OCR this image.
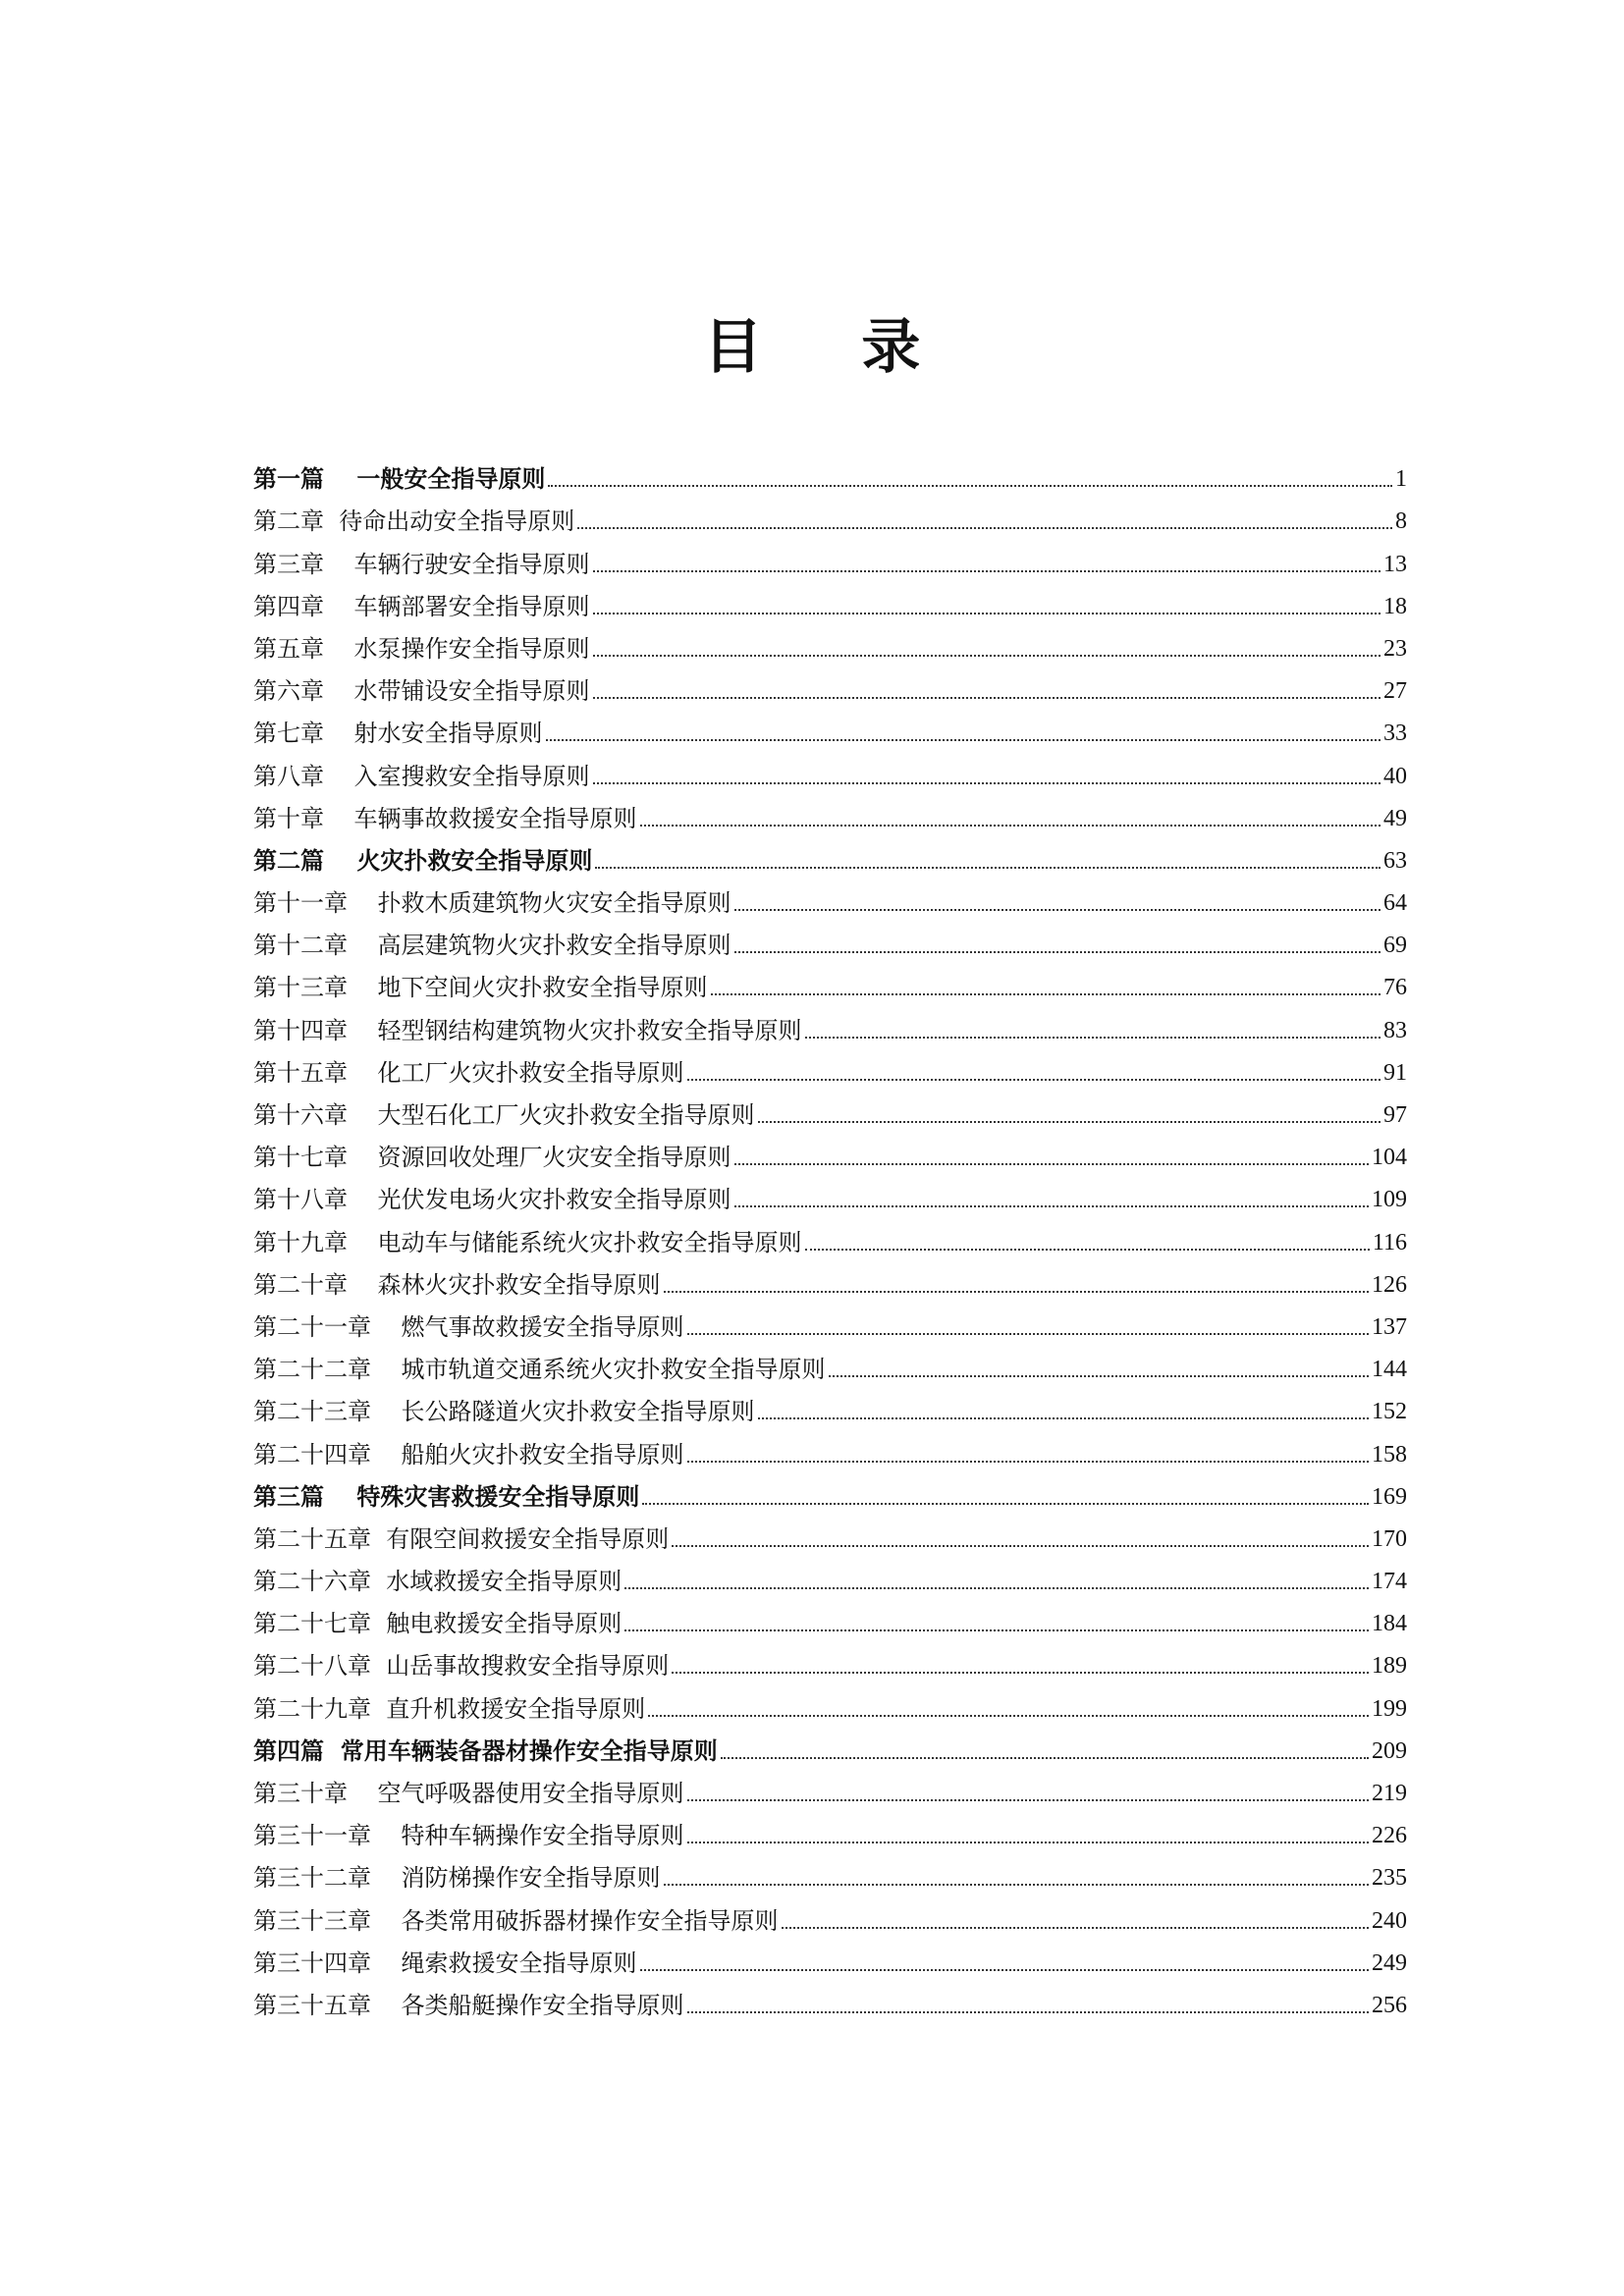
目 录
第一篇    一般安全指导原则	1
第二章  待命出动安全指导原则	8
第三章    车辆行驶安全指导原则	13
第四章    车辆部署安全指导原则	18
第五章    水泵操作安全指导原则	23
第六章    水带铺设安全指导原则	27
第七章    射水安全指导原则	33
第八章    入室搜救安全指导原则	40
第十章    车辆事故救援安全指导原则	49
第二篇    火灾扑救安全指导原则	63
第十一章    扑救木质建筑物火灾安全指导原则	64
第十二章    高层建筑物火灾扑救安全指导原则	69
第十三章    地下空间火灾扑救安全指导原则	76
第十四章    轻型钢结构建筑物火灾扑救安全指导原则	83
第十五章    化工厂火灾扑救安全指导原则	91
第十六章    大型石化工厂火灾扑救安全指导原则	97
第十七章    资源回收处理厂火灾安全指导原则	104
第十八章    光伏发电场火灾扑救安全指导原则	109
第十九章    电动车与储能系统火灾扑救安全指导原则	116
第二十章    森林火灾扑救安全指导原则	126
第二十一章    燃气事故救援安全指导原则	137
第二十二章    城市轨道交通系统火灾扑救安全指导原则	144
第二十三章    长公路隧道火灾扑救安全指导原则	152
第二十四章    船舶火灾扑救安全指导原则	158
第三篇    特殊灾害救援安全指导原则	169
第二十五章  有限空间救援安全指导原则	170
第二十六章  水域救援安全指导原则	174
第二十七章  触电救援安全指导原则	184
第二十八章  山岳事故搜救安全指导原则	189
第二十九章  直升机救援安全指导原则	199
第四篇  常用车辆装备器材操作安全指导原则	209
第三十章    空气呼吸器使用安全指导原则	219
第三十一章    特种车辆操作安全指导原则	226
第三十二章    消防梯操作安全指导原则	235
第三十三章    各类常用破拆器材操作安全指导原则	240
第三十四章    绳索救援安全指导原则	249
第三十五章    各类船艇操作安全指导原则	256
